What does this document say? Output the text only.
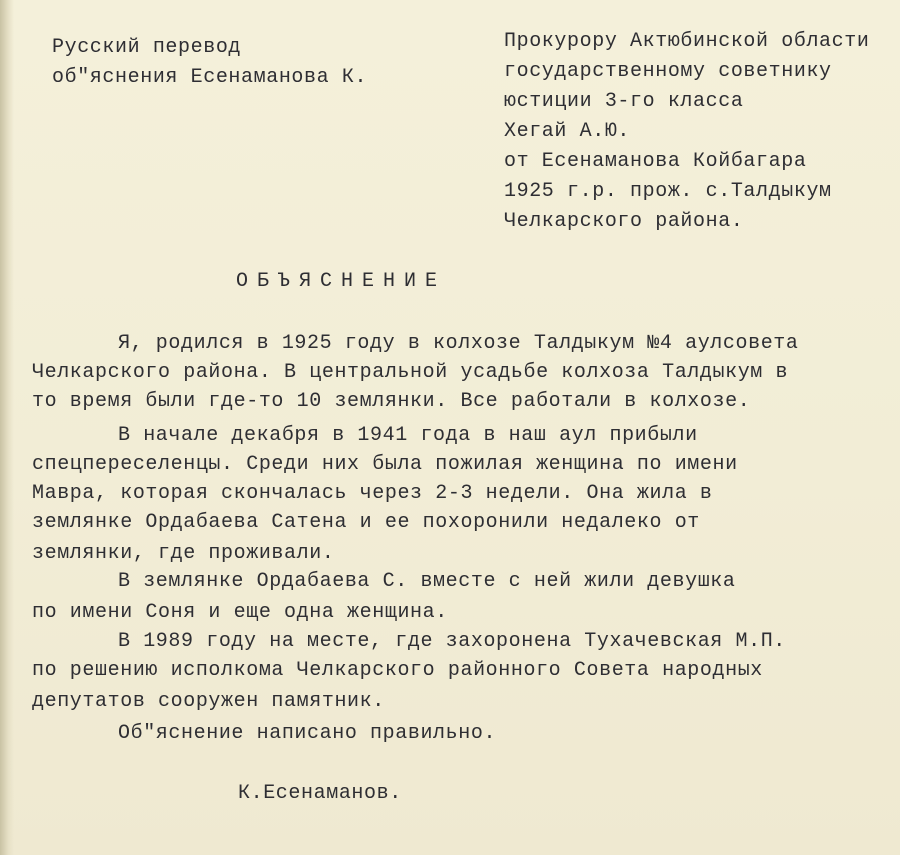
Русский перевод
об"яснения Есенаманова К.
Прокурору Актюбинской области
государственному советнику
юстиции 3-го класса
Хегай А.Ю.
от Есенаманова Койбагара
1925 г.р. прож. с.Талдыкум
Челкарского района.
ОБЪЯСНЕНИЕ
Я, родился в 1925 году в колхозе Талдыкум №4 аулсовета
Челкарского района. В центральной усадьбе колхоза Талдыкум в
то время были где-то 10 землянки. Все работали в колхозе.
В начале декабря в 1941 года в наш аул прибыли
спецпереселенцы. Среди них была пожилая женщина по имени
Мавра, которая скончалась через 2-3 недели. Она жила в
землянке Ордабаева Сатена и ее похоронили недалеко от
землянки, где проживали.
В землянке Ордабаева С. вместе с ней жили девушка
по имени Соня и еще одна женщина.
В 1989 году на месте, где захоронена Тухачевская М.П.
по решению исполкома Челкарского районного Совета народных
депутатов сооружен памятник.
Об"яснение написано правильно.
К.Есенаманов.
